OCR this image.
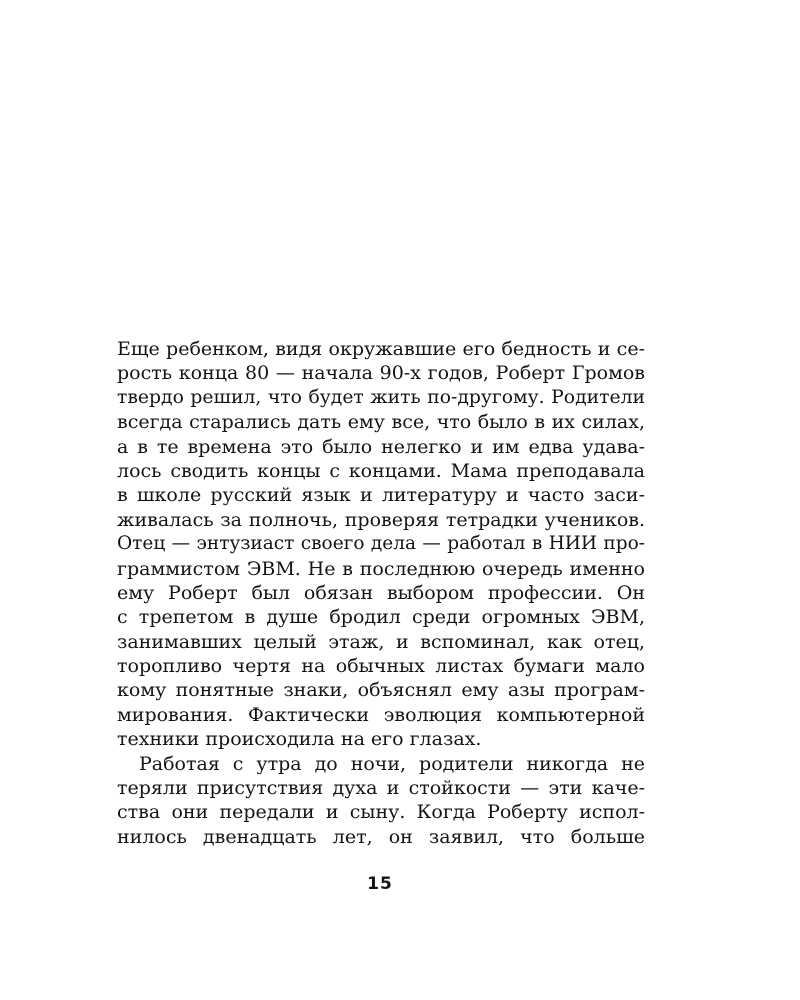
Еще ребенком, видя окружавшие его бедность и се-
рость конца 80 — начала 90-х годов, Роберт Громов
твердо решил, что будет жить по-другому. Родители
всегда старались дать ему все, что было в их силах,
а в те времена это было нелегко и им едва удава-
лось сводить концы с концами. Мама преподавала
в школе русский язык и литературу и часто заси-
живалась за полночь, проверяя тетрадки учеников.
Отец — энтузиаст своего дела — работал в НИИ про-
граммистом ЭВМ. Не в последнюю очередь именно
ему Роберт был обязан выбором профессии. Он
с трепетом в душе бродил среди огромных ЭВМ,
занимавших целый этаж, и вспоминал, как отец,
торопливо чертя на обычных листах бумаги мало
кому понятные знаки, объяснял ему азы програм-
мирования. Фактически эволюция компьютерной
техники происходила на его глазах.
Работая с утра до ночи, родители никогда не
теряли присутствия духа и стойкости — эти каче-
ства они передали и сыну. Когда Роберту испол-
нилось двенадцать лет, он заявил, что больше
15
